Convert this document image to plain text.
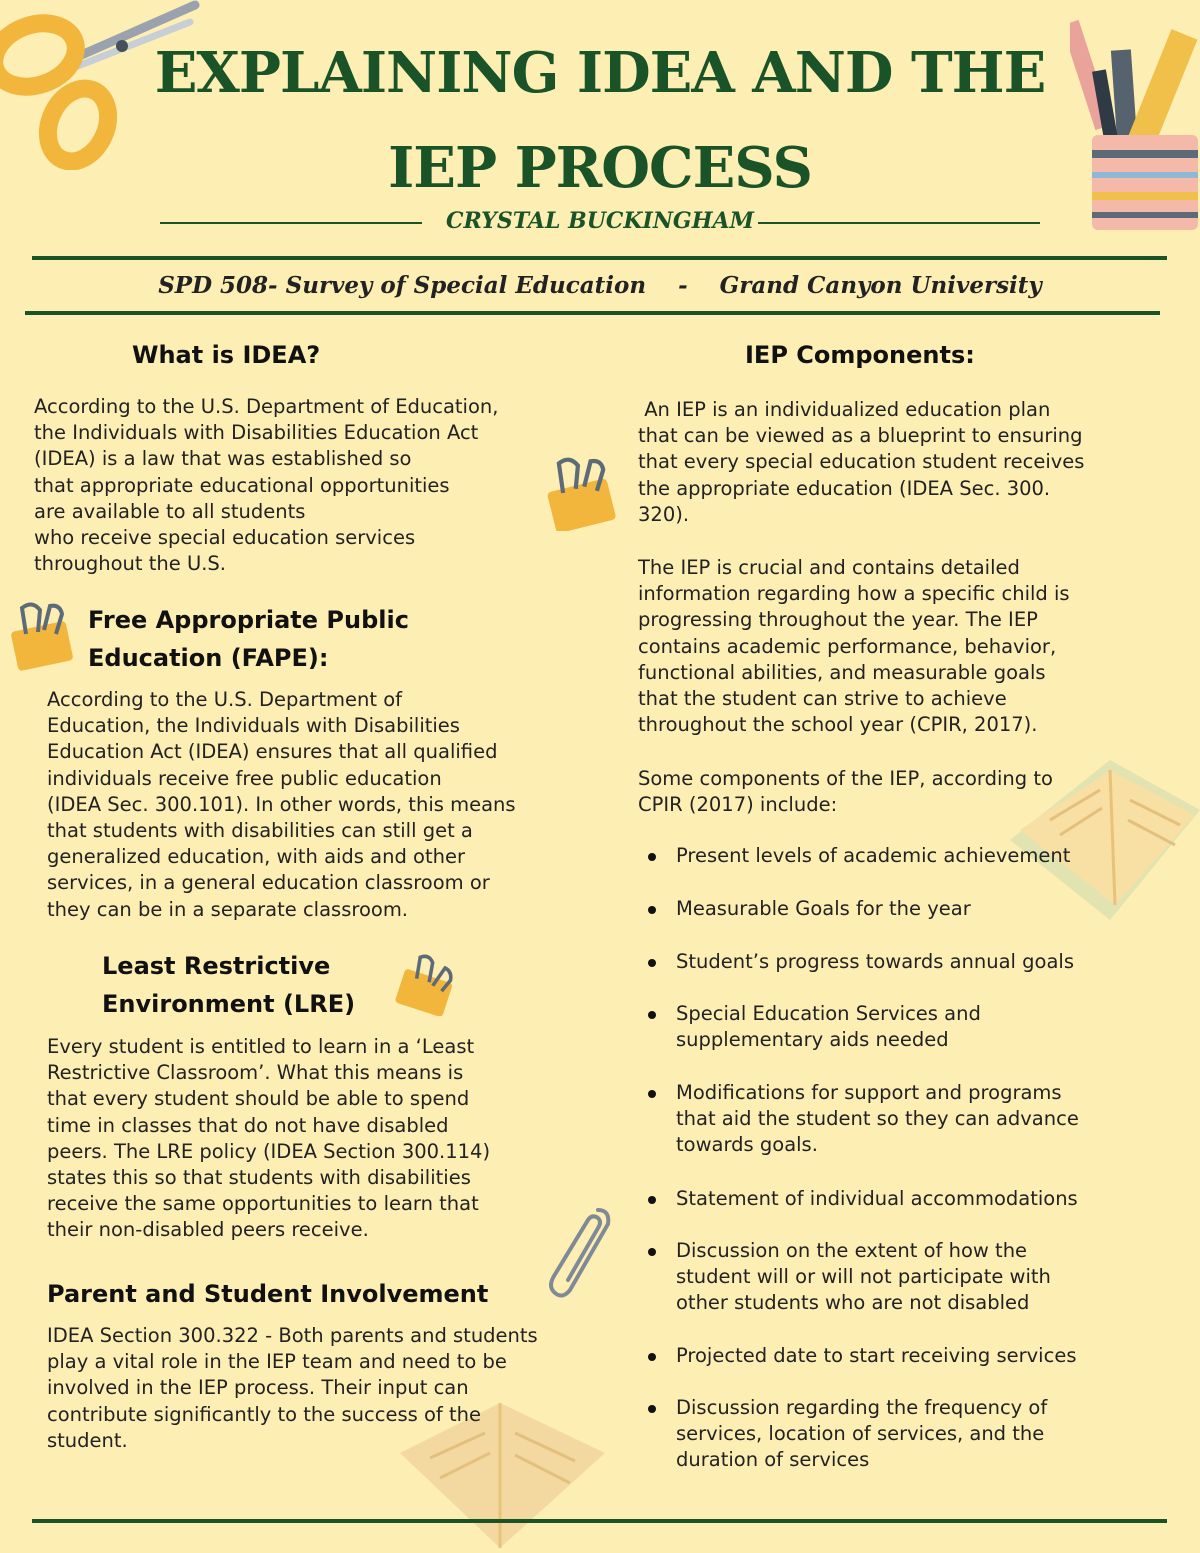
EXPLAINING IDEA AND THE
IEP PROCESS
CRYSTAL BUCKINGHAM
SPD 508- Survey of Special Education - Grand Canyon University
What is IDEA?

According to the U.S. Department of Education,

the Individuals with Disabilities Education Act

(IDEA) is a law that was established so

that appropriate educational opportunities

are available to all students

who receive special education services

throughout the U.S.

Free Appropriate Public
Education (FAPE):

According to the U.S. Department of

Education, the Individuals with Disabilities

Education Act (IDEA) ensures that all qualified

individuals receive free public education

(IDEA Sec. 300.101). In other words, this means

that students with disabilities can still get a

generalized education, with aids and other

services, in a general education classroom or

they can be in a separate classroom.

Least Restrictive
Environment (LRE)

Every student is entitled to learn in a ‘Least

Restrictive Classroom’. What this means is

that every student should be able to spend

time in classes that do not have disabled

peers. The LRE policy (IDEA Section 300.114)

states this so that students with disabilities

receive the same opportunities to learn that

their non-disabled peers receive.

Parent and Student Involvement

IDEA Section 300.322 - Both parents and students

play a vital role in the IEP team and need to be

involved in the IEP process. Their input can

contribute significantly to the success of the

student.

IEP Components:

An IEP is an individualized education plan

that can be viewed as a blueprint to ensuring

that every special education student receives

the appropriate education (IDEA Sec. 300.

320).

The IEP is crucial and contains detailed

information regarding how a specific child is

progressing throughout the year. The IEP

contains academic performance, behavior,

functional abilities, and measurable goals

that the student can strive to achieve

throughout the school year (CPIR, 2017).

Some components of the IEP, according to

CPIR (2017) include:

Present levels of academic achievement
Measurable Goals for the year
Student’s progress towards annual goals
Special Education Services and
supplementary aids needed
Modifications for support and programs
that aid the student so they can advance
towards goals.
Statement of individual accommodations
Discussion on the extent of how the
student will or will not participate with
other students who are not disabled
Projected date to start receiving services
Discussion regarding the frequency of
services, location of services, and the
duration of services
